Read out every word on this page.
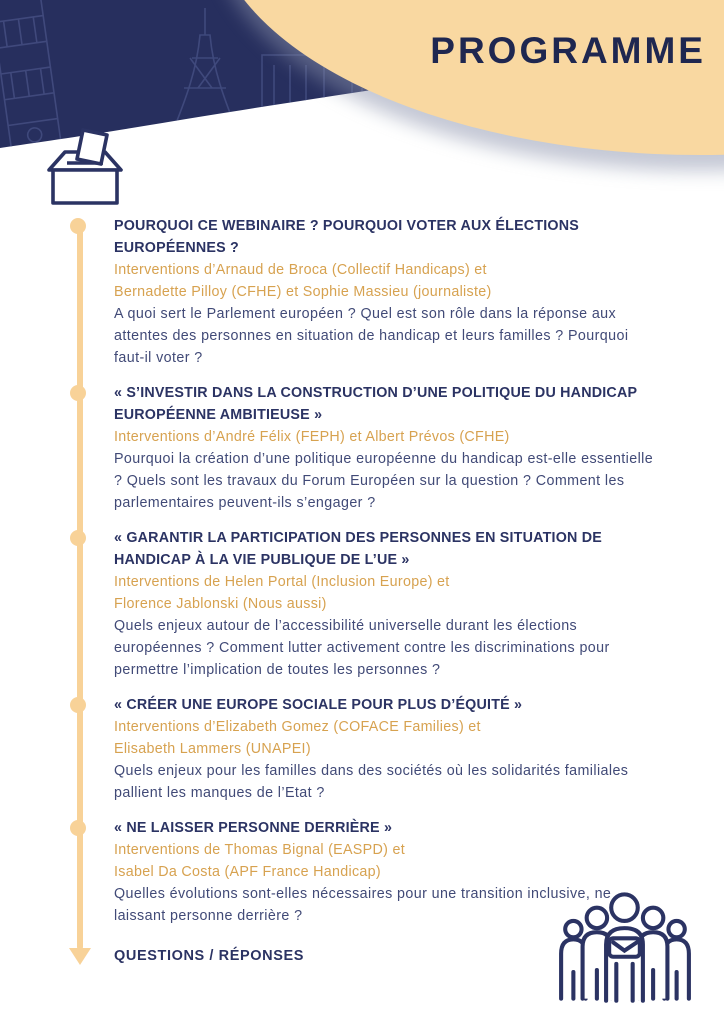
PROGRAMME
POURQUOI CE WEBINAIRE ? POURQUOI VOTER AUX ÉLECTIONS EUROPÉENNES ?
Interventions d’Arnaud de Broca (Collectif Handicaps) et
Bernadette Pilloy (CFHE) et Sophie Massieu (journaliste)
A quoi sert le Parlement européen ? Quel est son rôle dans la réponse aux attentes des personnes en situation de handicap et leurs familles ? Pourquoi faut-il voter ?
« S’INVESTIR DANS LA CONSTRUCTION D’UNE POLITIQUE DU HANDICAP EUROPÉENNE AMBITIEUSE »
Interventions d’André Félix (FEPH) et Albert Prévos (CFHE)
Pourquoi la création d’une politique européenne du handicap est-elle essentielle ? Quels sont les travaux du Forum Européen sur la question ? Comment les parlementaires peuvent-ils s’engager ?
« GARANTIR LA PARTICIPATION DES PERSONNES EN SITUATION DE HANDICAP À LA VIE PUBLIQUE DE L’UE »
Interventions de Helen Portal (Inclusion Europe) et
Florence Jablonski (Nous aussi)
Quels enjeux autour de l’accessibilité universelle durant les élections européennes ? Comment lutter activement contre les discriminations pour permettre l’implication de toutes les personnes ?
« CRÉER UNE EUROPE SOCIALE POUR PLUS D’ÉQUITÉ »
Interventions d’Elizabeth Gomez (COFACE Families) et
Elisabeth Lammers (UNAPEI)
Quels enjeux pour les familles dans des sociétés où les solidarités familiales pallient les manques de l’Etat ?
« NE LAISSER PERSONNE DERRIÈRE »
Interventions de Thomas Bignal (EASPD) et
Isabel Da Costa (APF France Handicap)
Quelles évolutions sont-elles nécessaires pour une transition inclusive, ne laissant personne derrière ?
QUESTIONS / RÉPONSES
